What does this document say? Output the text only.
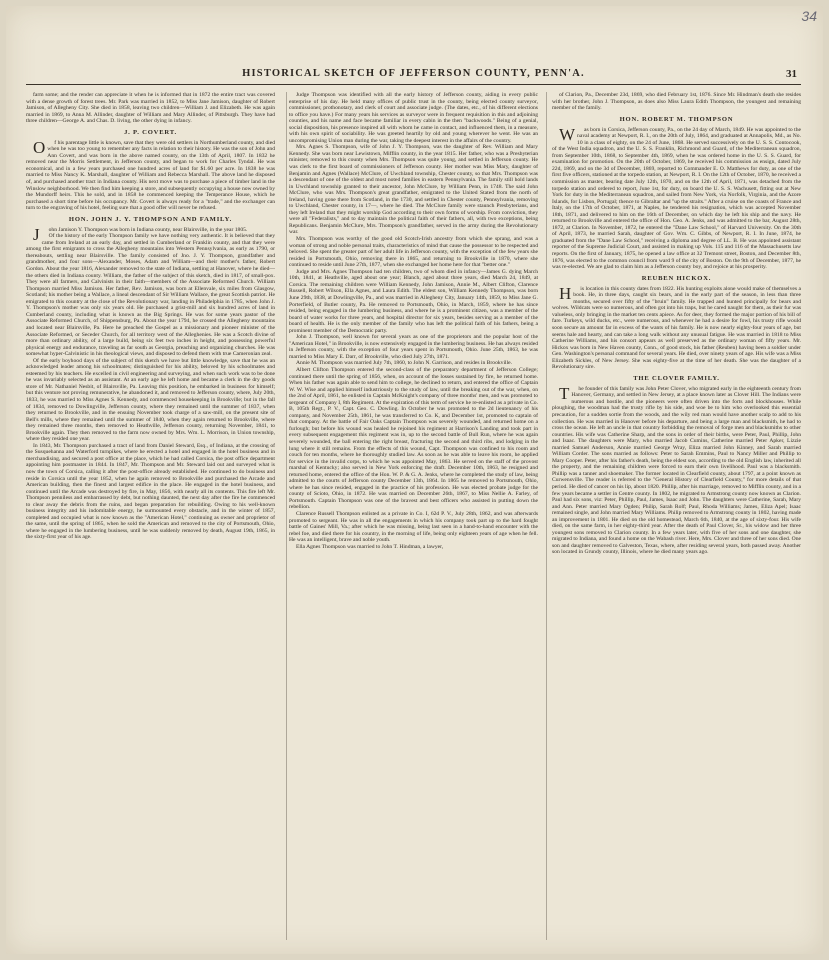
34
HISTORICAL SKETCH OF JEFFERSON COUNTY, PENN'A.	31

farm some; and the render can appreciate it when he is informed that in 1872 the entire tract was covered with a dense growth of forest trees. Mr. Park was married in 1852, to Miss Jane Jamison, daughter of Robert Jamison, of Allegheny City. She died in 1858, leaving two children—William J. and Elizabeth. He was again married in 1869, to Anna M. Allinder, daughter of William and Mary Allinder, of Pittsburgh. They have had three children—George A. and Chas. D. living, the other dying in infancy.

J. P. COVERT.

Of his parentage little is known, save that they were old settlers in Northumberland county, and died when he was too young to remember any facts in relation to their history. He was the son of John and Ann Covert, and was born in the above named county, on the 13th of April, 1807. In 1832 he removed near the Morris Settlement, in Jefferson county, and began to work for Charles Tyndal. He was economical, and in a few years purchased one hundred acres of land for $1.60 per acre. In 1838 he was married to Miss Nancy K. Marshall, daughter of William and Rebecca Marshall. The above land he disposed of, and purchased another tract in Indiana county. His next move was to purchase a piece of timber land in the Winslow neighborhood. We then find him keeping a store, and subsequently occupying a house now owned by the Mundorff heirs. This he sold, and in 1858 he commenced keeping the Temperance House, which he purchased a short time before his occupancy. Mr. Covert is always ready for a "trade," and the exchanger can turn to the engraving of his hotel, feeling sure that a good offer will never be refused.

HON. JOHN J. Y. THOMPSON AND FAMILY.

John Jamison Y. Thompson was born in Indiana county, near Blairsville, in the year 1805.

Of the history of the early Thompson family we have nothing very authentic. It is believed that they came from Ireland at an early day, and settled in Cumberland or Franklin county, and that they were among the first emigrants to cross the Allegheny mountains into Western Pennsylvania, as early as 1790, or thereabouts, settling near Blairsville. The family consisted of Jno. J. Y. Thompson, grandfather and grandmother, and four sons—Alexander, Moses, Adam and William—and their mother's father, Robert Gordon. About the year 1816, Alexander removed to the state of Indiana, settling at Hanover, where he died—the others died in Indiana county. William, the father of the subject of this sketch, died in 1817, of small-pox. They were all farmers, and Calvinists in their faith—members of the Associate Reformed Church. William Thompson married Miss Jamison. Her father, Rev. Jamison, was born at Ellenvale, six miles from Glasgow, Scotland; his mother being a Wallace, a lineal descendant of Sir William Wallace, the great Scottish patriot. He emigrated to this country at the close of the Revolutionary war, landing in Philadelphia in 1785, when John J. Y. Thompson's mother was only six years old. He purchased a grist-mill and six hundred acres of land in Cumberland county, including what is known as the Big Springs. He was for some years pastor of the Associate Reformed Church, of Shippensburg, Pa. About the year 1794, he crossed the Allegheny mountains and located near Blairsville, Pa. Here he preached the Gospel as a missionary and pioneer minister of the Associate Reformed, or Seceder Church, for all territory west of the Alleghenies. He was a Scotch divine of more than ordinary ability, of a large build, being six feet two inches in height, and possessing powerful physical energy and endurance, traveling as far south as Georgia, preaching and organizing churches. He was somewhat hyper-Calvinistic in his theological views, and disposed to defend them with true Cameronian zeal.

Of the early boyhood days of the subject of this sketch we have but little knowledge, save that he was an acknowledged leader among his schoolmates; distinguished for his ability, beloved by his schoolmates and esteemed by his teachers. He excelled in civil engineering and surveying, and when such work was to be done he was invariably selected as an assistant. At an early age he left home and became a clerk in the dry goods store of Mr. Nathaniel Nesbit, of Blairsville, Pa. Leaving this position, he embarked in business for himself; but this venture not proving remunerative, he abandoned it, and removed to Jefferson county, where, July 20th, 1833, he was married to Miss Agnes S. Kennedy, and commenced housekeeping in Brookville; but in the fall of 1834, removed to Dowlingville, Jefferson county, where they remained until the summer of 1837, when they returned to Brookville, and in the ensuing November took charge of a saw-mill, on the present site of Bell's mills, where they remained until the summer of 1840, when they again returned to Brookville, where they remained three months, then removed to Heathville, Jefferson county, returning November, 1841, to Brookville again. They then removed to the farm now owned by Mrs. Wm. L. Morrison, in Union township, where they resided one year.

In 1843, Mr. Thompson purchased a tract of land from Daniel Steward, Esq., of Indiana, at the crossing of the Susquehanna and Waterford turnpikes, where he erected a hotel and engaged in the hotel business and in merchandising, and secured a post office at the place, which he had called Corsica, the post office department appointing him postmaster in 1844. In 1847, Mr. Thompson and Mr. Steward laid out and surveyed what is now the town of Corsica, calling it after the post-office already established. He continued to do business and reside in Corsica until the year 1852, when he again removed to Brookville and purchased the Arcade and American building, then the finest and largest edifice in the place. He engaged in the hotel business, and continued until the Arcade was destroyed by fire, in May, 1856, with nearly all its contents. This fire left Mr. Thompson penniless and embarrassed by debt, but nothing daunted, the next day after the fire he commenced to clear away the debris from the ruins, and began preparation for rebuilding. Owing to his well-known business integrity and his indomitable energy, he surmounted every obstacle, and in the winter of 1857, completed and occupied what is now known as the "American Hotel," continuing as owner and proprietor of the same, until the spring of 1865, when he sold the American and removed to the city of Portsmouth, Ohio, where he engaged in the lumbering business, until he was suddenly removed by death, August 19th, 1865, in the sixty-first year of his age.

Judge Thompson was identified with all the early history of Jefferson county, aiding in every public enterprise of his day. He held many offices of public trust in the county, being elected county surveyor, commissioner, prothonotary, and clerk of court and associate judge. (The dates, etc., of his different elections to office you have.) For many years his services as surveyor were in frequent requisition in this and adjoining counties, and his name and face became familiar in every cabin in the then "backwoods." Being of a genial, social disposition, his presence inspired all with whom he came in contact, and influenced them, in a measure, with his own spirit of sociability. He was greeted heartily by old and young wherever he went. He was an uncompromising Union man during the war, taking the deepest interest in the affairs of the country.

Mrs. Agnes S. Thompson, wife of John J. Y. Thompson, was the daughter of Rev. William and Mary Kennedy. She was born near Lewistown, Mifflin county, in the year 1815. Her father, who was a Presbyterian minister, removed to this county when Mrs. Thompson was quite young, and settled in Jefferson county. He was clerk to the first board of commissioners of Jefferson county. Her mother was Miss Mary, daughter of Benjamin and Agnes (Wallace) McClure, of Uwchland township, Chester county, so that Mrs. Thompson was a descendant of one of the oldest and most noted families in eastern Pennsylvania. The family still hold lands in Uwchland township granted to their ancestor, John McClure, by William Penn, in 1748. The said John McClure, who was Mrs. Thompson's great grandfather, emigrated to the United Stated from the north of Ireland, having gone there from Scotland, in the 1730, and settled in Chester county, Pennsylvania, removing to Uwchland, Chester county, in 17—, where he died. The McClure family were staunch Presbyterians, and they left Ireland that they might worship God according to their own forms of worship. From conviction, they were all "Federalists," and to day maintain the political faith of their fathers, all, with two exceptions, being Republicans. Benjamin McClure, Mrs. Thompson's grandfather, served in the army during the Revolutionary war.

Mrs. Thompson was worthy of the good old Scotch-Irish ancestry from which she sprang, and was a woman of strong and noble personal traits, characteristics of mind that cause the possessor to be respected and beloved. She spent the greater part of her adult life in Jefferson county, with the exception of the few years she resided in Portsmouth, Ohio, removing there in 1865, and returning to Brookville in 1870, where she continued to reside until June 27th, 1877, when she exchanged her home here for that "better one."

Judge and Mrs. Agnes Thompson had ten children, two of whom died in infancy—James G. dying March 10th, 1841, at Heathville, aged about one year; Blanch, aged about three years, died March 24, 1849, at Corsica. The remaining children were William Kennedy, John Jamison, Annie M., Albert Clifton, Clarence Russell, Robert Wilson, Ella Agnes, and Laura Edith. The eldest son, William Kennedy Thompson, was born June 29th, 1838, at Dowlingville, Pa., and was married in Allegheny City, January 14th, 1859, to Miss Jane G. Porterfield, of Butler county, Pa. He removed to Portsmouth, Ohio, in March, 1859, where he has since resided, being engaged in the lumbering business, and where he is a prominent citizen, was a member of the board of water works for three years, and hospital director for six years, besides serving as a member of the board of health. He is the only member of the family who has left the political faith of his fathers, being a prominent member of the Democratic party.

John J. Thompson, well known for several years as one of the proprietors and the popular host of the "American Hotel," in Brookville, is now extensively engaged in the lumbering business. He has always resided in Jefferson county, with the exception of four years spent in Portsmouth, Ohio. June 25th, 1863, he was married to Miss Mary E. Darr, of Brookville, who died July 27th, 1871.

Annie M. Thompson was married July 7th, 1860, to John N. Garrison, and resides in Brookville.

Albert Clifton Thompson entered the second-class of the preparatory department of Jefferson College; continued there until the spring of 1856, when, on account of the losses sustained by fire, he returned home. When his father was again able to send him to college, he declined to return, and entered the office of Captain W. W. Wise and applied himself industriously to the study of law, until the breaking out of the war, when, on the 2nd of April, 1861, he enlisted in Captain McKnight's company of three months' men, and was promoted to sergeant of Company I, 8th Regiment. At the expiration of this term of service he re-enlisted as a private in Co. B, 105th Regt., P. V., Capt. Geo. C. Dowling. In October he was promoted to the 2d lieutenancy of his company, and November 25th, 1861, he was transferred to Co. K, and December 1st, promoted to captain of that company. At the battle of Fair Oaks Captain Thompson was severely wounded, and returned home on a furlough; but before his wound was healed he rejoined his regiment at Harrison's Landing and took part in every subsequent engagement this regiment was in, up to the second battle of Bull Run, where he was again severely wounded, the ball entering the right breast, fracturing the second and third ribs, and lodging in the lung where it still remains. From the effects of this wound, Capt. Thompson was confined to his room and couch for ten months, where he thoroughly studied law. As soon as he was able to leave his room, he applied for service in the invalid corps, to which he was appointed May, 1863. He served on the staff of the provost marshal of Kentucky; also served in New York enforcing the draft. December 10th, 1863, he resigned and returned home, entered the office of the Hon. W. P. & G. A. Jenks, where he completed the study of law, being admitted to the courts of Jefferson county December 13th, 1864. In 1865 he removed to Portsmouth, Ohio, where he has since resided, engaged in the practice of his profession. He was elected probate judge for the county of Scioto, Ohio, in 1872. He was married on December 26th, 1867, to Miss Nellie A. Farley, of Portsmouth. Captain Thompson was one of the bravest and best officers who assisted in putting down the rebellion.

Clarence Russell Thompson enlisted as a private in Co. I, 62d P. V., July 28th, 1862, and was afterwards promoted to sergeant. He was in all the engagements in which his company took part up to the hard fought battle of Gaines' Mill, Va.; after which he was missing, being last seen in a hand-to-hand encounter with the rebel foe, and died there for his country, in the morning of life, being only eighteen years of age when he fell. He was an intelligent, brave and noble youth.

Ella Agnes Thompson was married to John T. Hindman, a lawyer,

of Clarion, Pa., December 23d, 1869, who died February 1st, 1876. Since Mr. Hindman's death she resides with her brother, John J. Thompson, as does also Miss Laura Edith Thompson, the youngest and remaining member of the family.

HON. ROBERT M. THOMPSON

Was born in Corsica, Jefferson county, Pa., on the 24 day of March, 1849. He was appointed to the naval academy at Newport, R. I., on the 20th of July, 1864, and graduated at Annapolis, Md., as No. 10 in a class of eighty, on the 24 of June, 1868. He served successively on the U. S. S. Contocook, of the West India squadron, and the U. S. S. Franklin, Richmond and Guard, of the Mediterranean squadron, from September 10th, 1868, to September 4th, 1869, when he was ordered home in the U. S. S. Guard, for examination for promotion. On the 20th of October, 1869, he received his commission as ensign, dated July 22d, 1869, and on the 3d of December, 1869, reported to Commander E. O. Matthews for duty, as one of the first five officers, stationed at the torpedo station, at Newport, R. I. On the 12th of October, 1870, he received a commission as master, bearing date July 12th, 1870, and on the 12th of April, 1871, was detached from the torpedo station and ordered to report, June 1st, for duty, on board the U. S. S. Wachusett, fitting out at New York for duty in the Mediterranean squadron, and sailed from New York, via Norfolk, Virginia, and the Azore Islands, for Lisbon, Portugal; thence to Gibraltar and "up the straits." After a cruise on the coasts of France and Italy, on the 17th of October, 1871, at Naples, he tendered his resignation, which was accepted November 18th, 1871, and delivered to him on the 16th of December, on which day he left his ship and the navy. He returned to Brookville and entered the office of Hon. Geo. A. Jenks, and was admitted to the bar, August 28th, 1872, at Clarion. In November, 1872, he entered the "Dane Law School," of Harvard University. On the 30th of April, 1873, he married Sarah, daughter of Gov. Wm. C. Gibbs, of Newport, R. I. In June, 1874, he graduated from the "Dane Law School," receiving a diploma and degree of LL. B. He was appointed assistant reporter of the Supreme Judicial Court, and assisted in making up Vols. 115 and 116 of the Massachusetts law reports. On the first of January, 1875, he opened a law office at 32 Tremont street, Boston, and December 8th, 1876, was elected to the common council from ward 9 of the city of Boston. On the 9th of December, 1877, he was re-elected. We are glad to claim him as a Jefferson county boy, and rejoice at his prosperity.

REUBEN HICKOX.

His location in this county dates from 1822. His hunting exploits alone would make of themselves a book. He, in three days, caught six bears, and in the early part of the season, in less than three months, secured over fifty of the "bruin" family. He trapped and hunted principally for bears and wolves. Wildcats were so numerous, and often got into his traps, but he cared naught for them, as their fur was valueless, only bringing in the market ten cents apiece. As for deer, they formed the major portion of his bill of fare. Turkeys, wild ducks, etc., were numerous, and whenever he had a desire for fowl, his trusty rifle would soon secure an amount far in excess of the wants of his family. He is now nearly eighty-four years of age, but seems hale and hearty, and can take a long walk without any unusual fatigue. He was married in 1818 to Miss Catherine Williams, and his consort appears as well preserved as the ordinary woman of fifty years. Mr. Hickox was born in New Haven county, Conn., of good stock, his father (Reuben) having been a soldier under Gen. Washington's personal command for several years. He died, over ninety years of age. His wife was a Miss Elizabeth Sickles, of New Jersey. She was eighty-five at the time of her death. She was the daughter of a Revolutionary sire.

THE CLOVER FAMILY.

The founder of this family was John Peter Clover, who migrated early in the eighteenth century from Hanover, Germany, and settled in New Jersey, at a place known later as Clover Hill. The Indians were numerous and hostile, and the pioneers were often driven into the forts and blockhouses. While ploughing, the woodman had the trusty rifle by his side, and woe be to him who overlooked this essential precaution, for a sudden sortie from the woods, and the wily red man would have another scalp to add to his collection. He was married in Hanover before his departure, and being a large man and blacksmith, he had to cross the ocean. He left an uncle in that country forbidding the removal of forge men and blacksmiths to other countries. His wife was Catherine Sharp, and the sons in order of their births, were Peter, Paul, Phillip, John and Isaac. The daughters were Mary, who married Jacob Cumins, Catherine married Peter Apker, Lizzie married Samuel Anderson, Annie married George Wray, Eliza married John Kinney, and Sarah married William Corder. The sons married as follows: Peter to Sarah Emmins, Paul to Nancy Miller and Phillip to Mary Cooper. Peter, after his father's death, being the eldest son, according to the old English law, inherited all the property, and the remaining children were forced to earn their own livelihood. Paul was a blacksmith. Phillip was a tanner and shoemaker. The former located in Clearfield county, about 1797, at a point known as Curwensville. The reader is referred to the "General History of Clearfield County," for more details of that period. He died of cancer on his lip, about 1820. Phillip, after his marriage, removed to Mifflin county, and in a few years became a settler in Centre county. In 1802, he migrated to Armstrong county now known as Clarion. Paul had six sons, viz: Peter, Phillip, Paul, James, Isaac and John. The daughters were Catherine, Sarah, Mary and Ann. Peter married Mary Ogden; Philip, Sarah Rolf; Paul, Rhoda Williams; James, Eliza Apel; Isaac remained single, and John married Mary Williams. Philip removed to Armstrong county in 1802, having made an improvement in 1801. He died on the old homestead, March 6th, 1840, at the age of sixty-four. His wife died, on the same farm, in her eighty-third year. After the death of Paul Clover, Sr., his widow and her three youngest sons removed to Clarion county. In a few years later, with five of her sons and one daughter, she migrated to Indiana, and found a home on the Wabash river. Here, Mrs. Clover and three of her sons died. One son and daughter removed to Galveston, Texas, where, after residing several years, both passed away. Another son located in Grundy county, Illinois, where he died many years ago.
